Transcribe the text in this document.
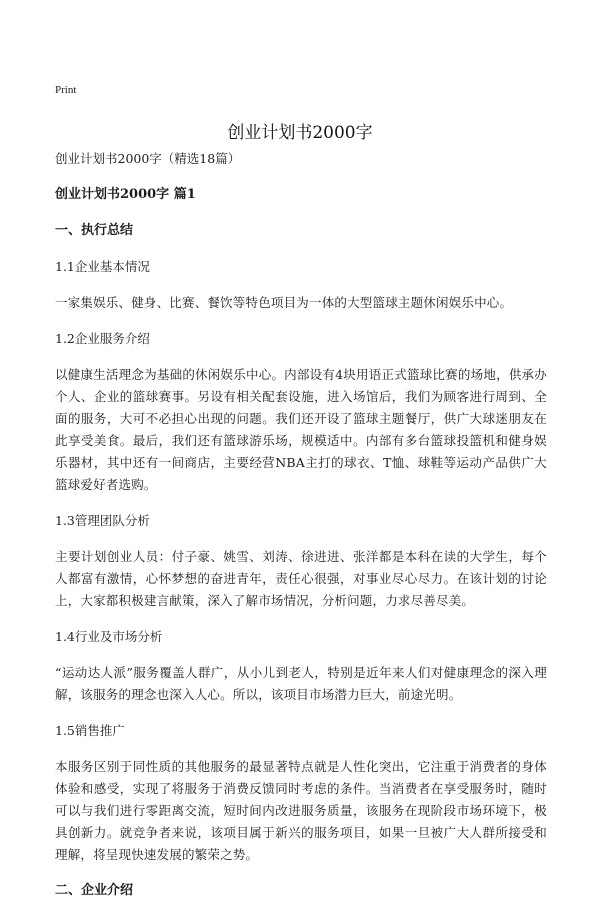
Print
创业计划书2000字

创业计划书2000字（精选18篇）

创业计划书2000字 篇1

一、执行总结

1.1企业基本情况

一家集娱乐、健身、比赛、餐饮等特色项目为一体的大型篮球主题休闲娱乐中心。

1.2企业服务介绍

以健康生活理念为基础的休闲娱乐中心。内部设有4块用语正式篮球比赛的场地，供承办个人、企业的篮球赛事。另设有相关配套设施，进入场馆后，我们为顾客进行周到、全面的服务，大可不必担心出现的问题。我们还开设了篮球主题餐厅，供广大球迷朋友在此享受美食。最后，我们还有篮球游乐场，规模适中。内部有多台篮球投篮机和健身娱乐器材，其中还有一间商店，主要经营NBA主打的球衣、T恤、球鞋等运动产品供广大篮球爱好者选购。

1.3管理团队分析

主要计划创业人员：付子豪、姚雪、刘涛、徐进进、张洋都是本科在读的大学生，每个人都富有激情，心怀梦想的奋进青年，责任心很强，对事业尽心尽力。在该计划的讨论上，大家都积极建言献策，深入了解市场情况，分析问题，力求尽善尽美。

1.4行业及市场分析

“运动达人派”服务覆盖人群广，从小儿到老人，特别是近年来人们对健康理念的深入理解，该服务的理念也深入人心。所以，该项目市场潜力巨大，前途光明。

1.5销售推广

本服务区别于同性质的其他服务的最显著特点就是人性化突出，它注重于消费者的身体体验和感受，实现了将服务于消费反馈同时考虑的条件。当消费者在享受服务时，随时可以与我们进行零距离交流，短时间内改进服务质量，该服务在现阶段市场环境下，极具创新力。就竞争者来说，该项目属于新兴的服务项目，如果一旦被广大人群所接受和理解，将呈现快速发展的繁荣之势。

二、企业介绍
